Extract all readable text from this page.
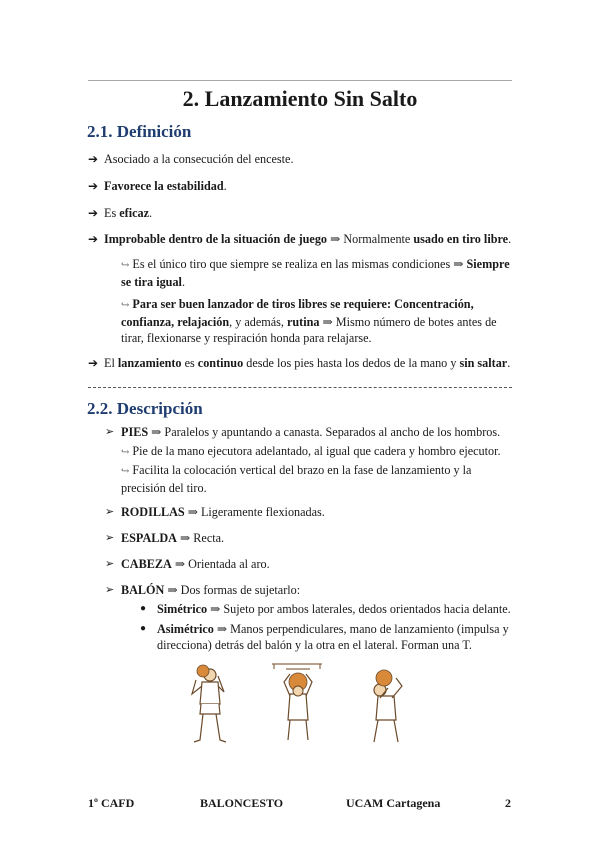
2. Lanzamiento Sin Salto
2.1. Definición
➔ Asociado a la consecución del enceste.
➔ Favorece la estabilidad.
➔ Es eficaz.
➔ Improbable dentro de la situación de juego ⇒ Normalmente usado en tiro libre.
↪ Es el único tiro que siempre se realiza en las mismas condiciones ⇒ Siempre se tira igual.
↪ Para ser buen lanzador de tiros libres se requiere: Concentración, confianza, relajación, y además, rutina ⇒ Mismo número de botes antes de tirar, flexionarse y respiración honda para relajarse.
➔ El lanzamiento es continuo desde los pies hasta los dedos de la mano y sin saltar.
2.2. Descripción
➢ PIES ⇒ Paralelos y apuntando a canasta. Separados al ancho de los hombros.
↪ Pie de la mano ejecutora adelantado, al igual que cadera y hombro ejecutor.
↪ Facilita la colocación vertical del brazo en la fase de lanzamiento y la precisión del tiro.
➢ RODILLAS ⇒ Ligeramente flexionadas.
➢ ESPALDA ⇒ Recta.
➢ CABEZA ⇒ Orientada al aro.
➢ BALÓN ⇒ Dos formas de sujetarlo:
● Simétrico ⇒ Sujeto por ambos laterales, dedos orientados hacia delante.
● Asimétrico ⇒ Manos perpendiculares, mano de lanzamiento (impulsa y direcciona) detrás del balón y la otra en el lateral. Forman una T.
1º CAFD	BALONCESTO	UCAM Cartagena	2
